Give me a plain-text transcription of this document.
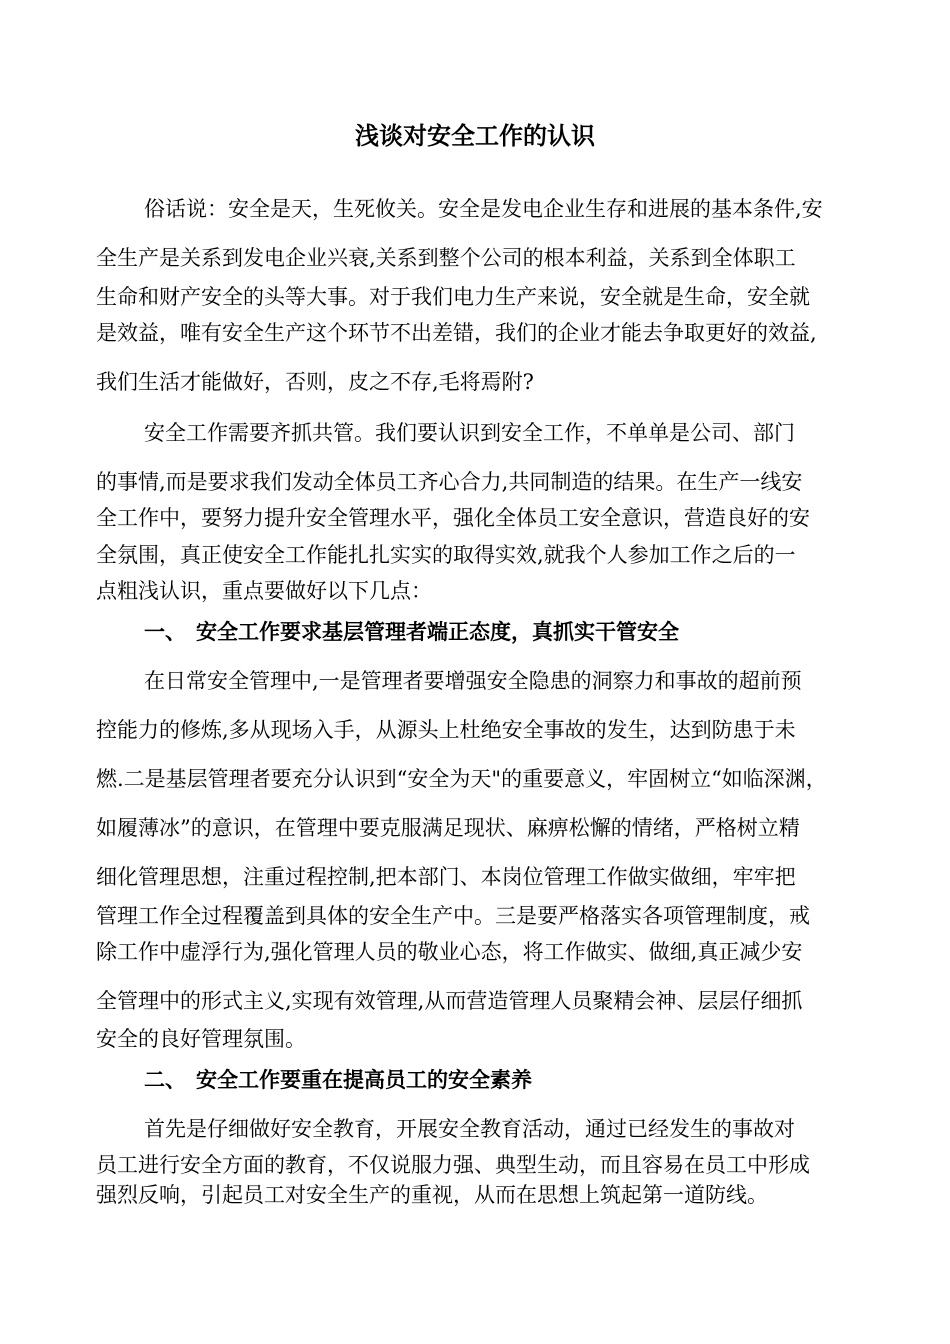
浅谈对安全工作的认识
俗话说：安全是天，生死攸关。安全是发电企业生存和进展的基本条件,安
全生产是关系到发电企业兴衰,关系到整个公司的根本利益，关系到全体职工
生命和财产安全的头等大事。对于我们电力生产来说，安全就是生命，安全就
是效益，唯有安全生产这个环节不出差错，我们的企业才能去争取更好的效益,
我们生活才能做好，否则，皮之不存,毛将焉附?
安全工作需要齐抓共管。我们要认识到安全工作，不单单是公司、部门
的事情,而是要求我们发动全体员工齐心合力,共同制造的结果。在生产一线安
全工作中，要努力提升安全管理水平，强化全体员工安全意识，营造良好的安
全氛围，真正使安全工作能扎扎实实的取得实效,就我个人参加工作之后的一
点粗浅认识，重点要做好以下几点：
一、 安全工作要求基层管理者端正态度，真抓实干管安全
在日常安全管理中,一是管理者要增强安全隐患的洞察力和事故的超前预
控能力的修炼,多从现场入手，从源头上杜绝安全事故的发生，达到防患于未
燃.二是基层管理者要充分认识到“安全为天"的重要意义，牢固树立“如临深渊，
如履薄冰”的意识，在管理中要克服满足现状、麻痹松懈的情绪，严格树立精
细化管理思想，注重过程控制,把本部门、本岗位管理工作做实做细，牢牢把
管理工作全过程覆盖到具体的安全生产中。三是要严格落实各项管理制度，戒
除工作中虚浮行为,强化管理人员的敬业心态，将工作做实、做细,真正减少安
全管理中的形式主义,实现有效管理,从而营造管理人员聚精会神、层层仔细抓
安全的良好管理氛围。
二、 安全工作要重在提高员工的安全素养
首先是仔细做好安全教育，开展安全教育活动，通过已经发生的事故对
员工进行安全方面的教育，不仅说服力强、典型生动，而且容易在员工中形成
强烈反响，引起员工对安全生产的重视，从而在思想上筑起第一道防线。
